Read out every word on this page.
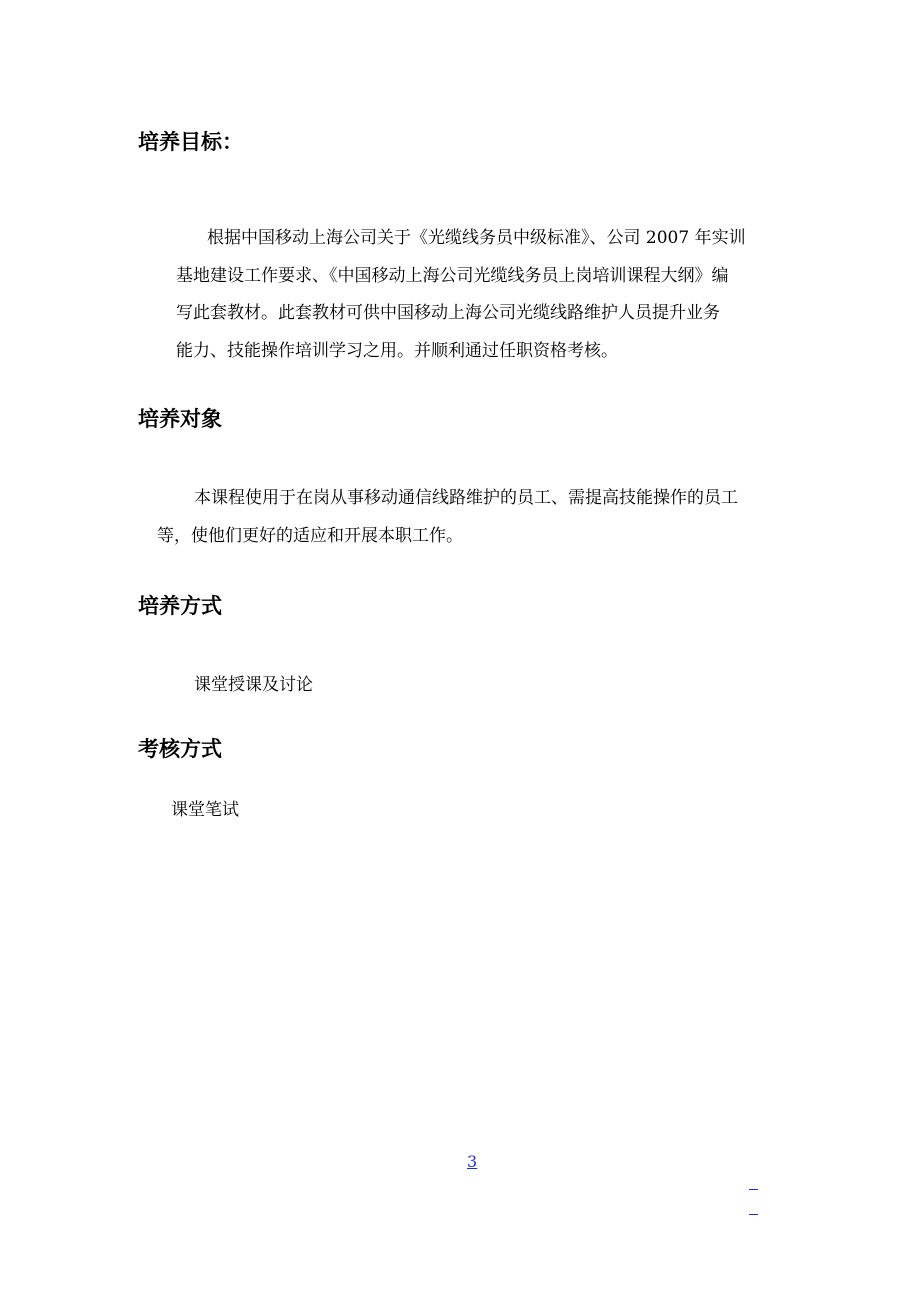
培养目标：
根据中国移动上海公司关于《光缆线务员中级标准》、公司 2007 年实训
基地建设工作要求、《中国移动上海公司光缆线务员上岗培训课程大纲》编
写此套教材。此套教材可供中国移动上海公司光缆线路维护人员提升业务
能力、技能操作培训学习之用。并顺利通过任职资格考核。
培养对象
本课程使用于在岗从事移动通信线路维护的员工、需提高技能操作的员工
等，使他们更好的适应和开展本职工作。
培养方式

课堂授课及讨论

考核方式

课堂笔试

3
